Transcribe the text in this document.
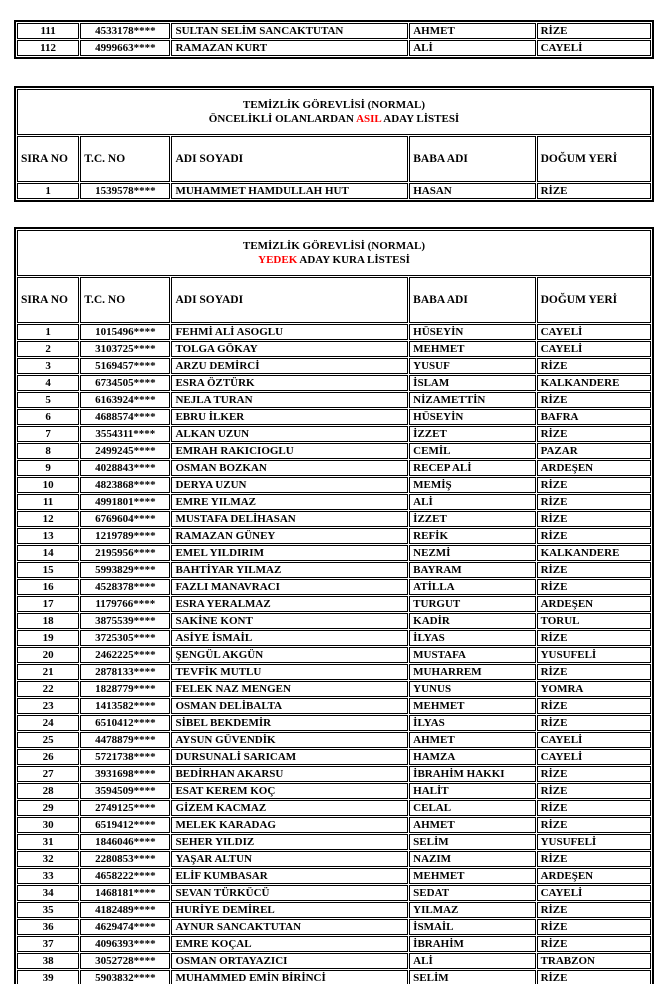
111	4533178****	SULTAN SELİM SANCAKTUTAN	AHMET	RİZE
112	4999663****	RAMAZAN KURT	ALİ	CAYELİ
TEMİZLİK GÖREVLİSİ (NORMAL)
ÖNCELİKLİ OLANLARDAN ASIL ADAY LİSTESİ				

SIRA NO	T.C. NO	ADI SOYADI	BABA ADI	DOĞUM YERİ
1	1539578****	MUHAMMET HAMDULLAH HUT	HASAN	RİZE
TEMİZLİK GÖREVLİSİ (NORMAL)
YEDEK ADAY KURA LİSTESİ				

SIRA NO	T.C. NO	ADI SOYADI	BABA ADI	DOĞUM YERİ
1	1015496****	FEHMİ ALİ ASOGLU	HÜSEYİN	CAYELİ
2	3103725****	TOLGA GÖKAY	MEHMET	CAYELİ
3	5169457****	ARZU DEMİRCİ	YUSUF	RİZE
4	6734505****	ESRA ÖZTÜRK	İSLAM	KALKANDERE
5	6163924****	NEJLA TURAN	NİZAMETTİN	RİZE
6	4688574****	EBRU İLKER	HÜSEYİN	BAFRA
7	3554311****	ALKAN UZUN	İZZET	RİZE
8	2499245****	EMRAH RAKICIOGLU	CEMİL	PAZAR
9	4028843****	OSMAN BOZKAN	RECEP ALİ	ARDEŞEN
10	4823868****	DERYA UZUN	MEMİŞ	RİZE
11	4991801****	EMRE YILMAZ	ALİ	RİZE
12	6769604****	MUSTAFA DELİHASAN	İZZET	RİZE
13	1219789****	RAMAZAN GÜNEY	REFİK	RİZE
14	2195956****	EMEL YILDIRIM	NEZMİ	KALKANDERE
15	5993829****	BAHTİYAR YILMAZ	BAYRAM	RİZE
16	4528378****	FAZLI MANAVRACI	ATİLLA	RİZE
17	1179766****	ESRA YERALMAZ	TURGUT	ARDEŞEN
18	3875539****	SAKİNE KONT	KADİR	TORUL
19	3725305****	ASİYE İSMAİL	İLYAS	RİZE
20	2462225****	ŞENGÜL AKGÜN	MUSTAFA	YUSUFELİ
21	2878133****	TEVFİK MUTLU	MUHARREM	RİZE
22	1828779****	FELEK NAZ MENGEN	YUNUS	YOMRA
23	1413582****	OSMAN DELİBALTA	MEHMET	RİZE
24	6510412****	SİBEL BEKDEMİR	İLYAS	RİZE
25	4478879****	AYSUN GÜVENDİK	AHMET	CAYELİ
26	5721738****	DURSUNALİ SARICAM	HAMZA	CAYELİ
27	3931698****	BEDİRHAN AKARSU	İBRAHİM HAKKI	RİZE
28	3594509****	ESAT KEREM KOÇ	HALİT	RİZE
29	2749125****	GİZEM KACMAZ	CELAL	RİZE
30	6519412****	MELEK KARADAG	AHMET	RİZE
31	1846046****	SEHER YILDIZ	SELİM	YUSUFELİ
32	2280853****	YAŞAR ALTUN	NAZIM	RİZE
33	4658222****	ELİF KUMBASAR	MEHMET	ARDEŞEN
34	1468181****	SEVAN TÜRKÜCÜ	SEDAT	CAYELİ
35	4182489****	HURİYE DEMİREL	YILMAZ	RİZE
36	4629474****	AYNUR SANCAKTUTAN	İSMAİL	RİZE
37	4096393****	EMRE KOÇAL	İBRAHİM	RİZE
38	3052728****	OSMAN ORTAYAZICI	ALİ	TRABZON
39	5903832****	MUHAMMED EMİN BİRİNCİ	SELİM	RİZE
